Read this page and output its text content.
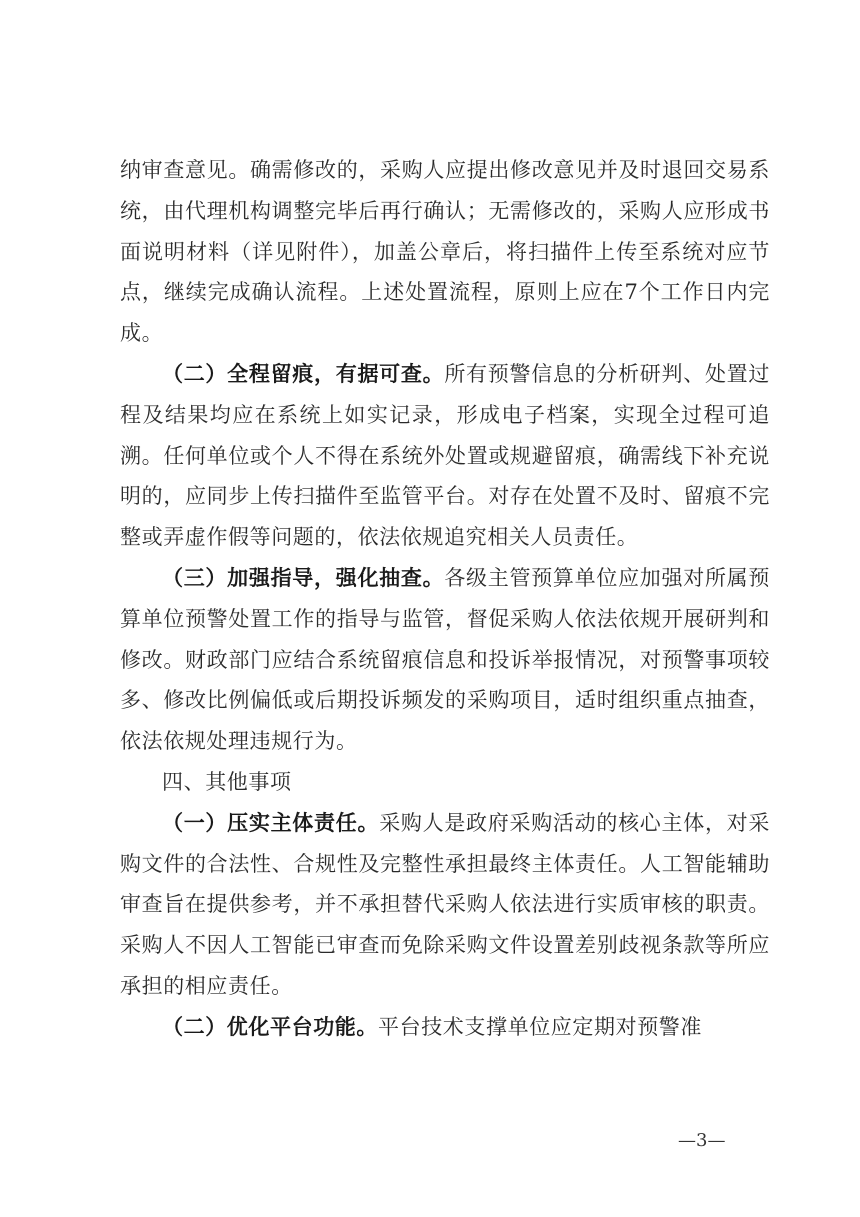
纳审查意见。确需修改的，采购人应提出修改意见并及时退回交易系统，由代理机构调整完毕后再行确认；无需修改的，采购人应形成书面说明材料（详见附件），加盖公章后，将扫描件上传至系统对应节点，继续完成确认流程。上述处置流程，原则上应在7个工作日内完成。

（二）全程留痕，有据可查。所有预警信息的分析研判、处置过程及结果均应在系统上如实记录，形成电子档案，实现全过程可追溯。任何单位或个人不得在系统外处置或规避留痕，确需线下补充说明的，应同步上传扫描件至监管平台。对存在处置不及时、留痕不完整或弄虚作假等问题的，依法依规追究相关人员责任。

（三）加强指导，强化抽查。各级主管预算单位应加强对所属预算单位预警处置工作的指导与监管，督促采购人依法依规开展研判和修改。财政部门应结合系统留痕信息和投诉举报情况，对预警事项较多、修改比例偏低或后期投诉频发的采购项目，适时组织重点抽查，依法依规处理违规行为。

四、其他事项

（一）压实主体责任。采购人是政府采购活动的核心主体，对采购文件的合法性、合规性及完整性承担最终主体责任。人工智能辅助审查旨在提供参考，并不承担替代采购人依法进行实质审核的职责。采购人不因人工智能已审查而免除采购文件设置差别歧视条款等所应承担的相应责任。

（二）优化平台功能。平台技术支撑单位应定期对预警准

—3—
